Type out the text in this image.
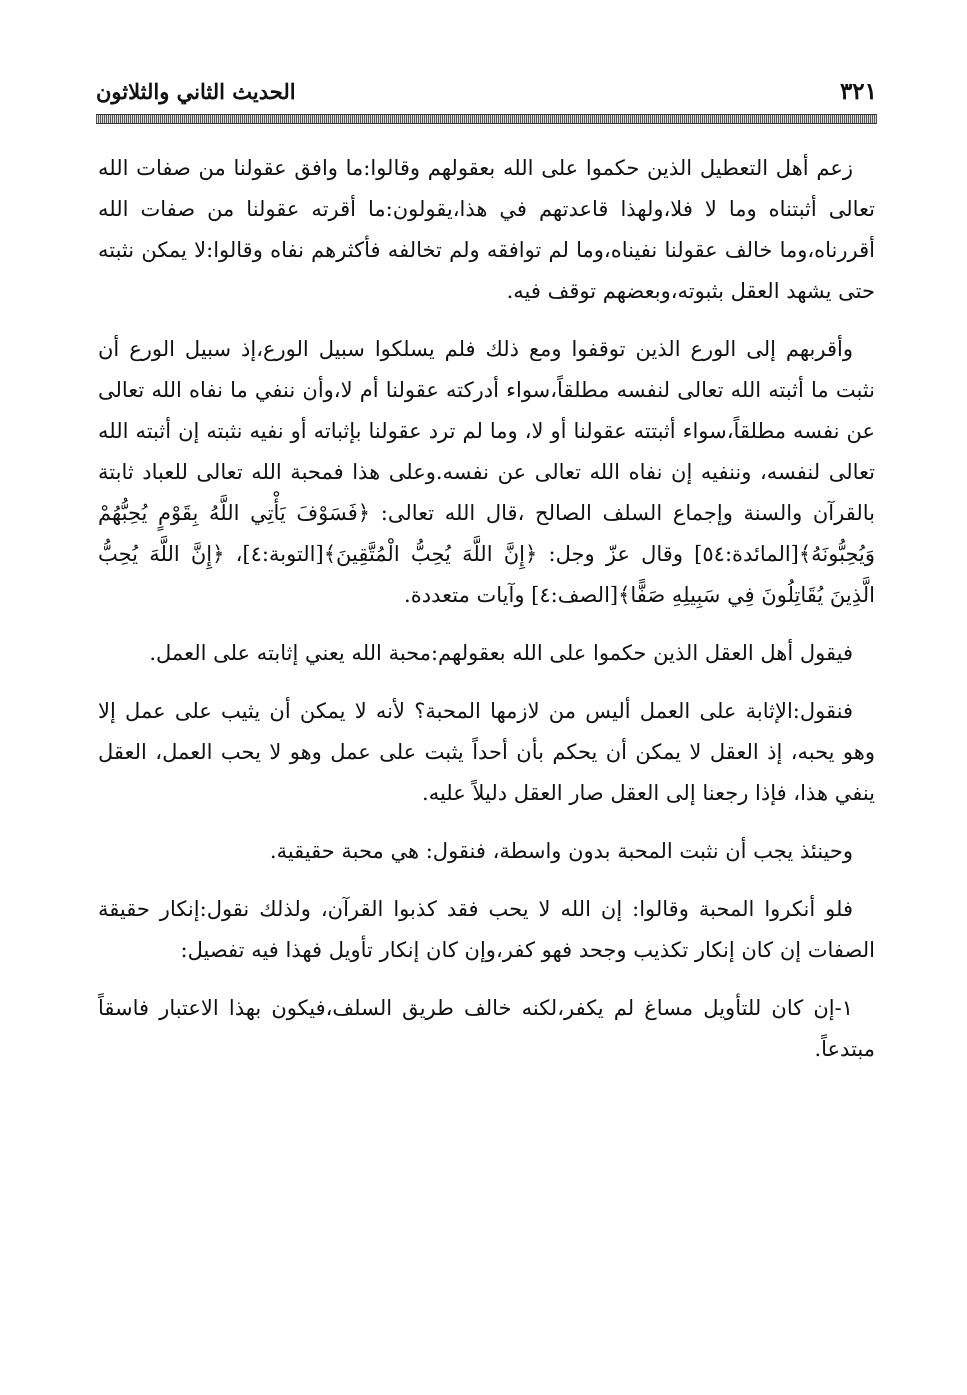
٣٢١
الحديث الثاني والثلاثون

زعم أهل التعطيل الذين حكموا على الله بعقولهم وقالوا:ما وافق عقولنا من صفات الله تعالى أثبتناه وما لا فلا،ولهذا قاعدتهم في هذا،يقولون:ما أقرته عقولنا من صفات الله أقررناه،وما خالف عقولنا نفيناه،وما لم توافقه ولم تخالفه فأكثرهم نفاه وقالوا:لا يمكن نثبته حتى يشهد العقل بثبوته،وبعضهم توقف فيه.

وأقربهم إلى الورع الذين توقفوا ومع ذلك فلم يسلكوا سبيل الورع،إذ سبيل الورع أن نثبت ما أثبته الله تعالى لنفسه مطلقاً،سواء أدركته عقولنا أم لا،وأن ننفي ما نفاه الله تعالى عن نفسه مطلقاً،سواء أثبتته عقولنا أو لا، وما لم ترد عقولنا بإثباته أو نفيه نثبته إن أثبته الله تعالى لنفسه، وننفيه إن نفاه الله تعالى عن نفسه.وعلى هذا فمحبة الله تعالى للعباد ثابتة بالقرآن والسنة وإجماع السلف الصالح ،قال الله تعالى: ﴿فَسَوْفَ يَأْتِي اللَّهُ بِقَوْمٍ يُحِبُّهُمْ وَيُحِبُّونَهُ﴾[المائدة:٥٤] وقال عزّ وجل: ﴿إِنَّ اللَّهَ يُحِبُّ الْمُتَّقِينَ﴾[التوبة:٤]، ﴿إِنَّ اللَّهَ يُحِبُّ الَّذِينَ يُقَاتِلُونَ فِي سَبِيلِهِ صَفًّا﴾[الصف:٤] وآيات متعددة.

فيقول أهل العقل الذين حكموا على الله بعقولهم:محبة الله يعني إثابته على العمل.

فنقول:الإثابة على العمل أليس من لازمها المحبة؟ لأنه لا يمكن أن يثيب على عمل إلا وهو يحبه، إذ العقل لا يمكن أن يحكم بأن أحداً يثبت على عمل وهو لا يحب العمل، العقل ينفي هذا، فإذا رجعنا إلى العقل صار العقل دليلاً عليه.

وحينئذ يجب أن نثبت المحبة بدون واسطة، فنقول: هي محبة حقيقية.

فلو أنكروا المحبة وقالوا: إن الله لا يحب فقد كذبوا القرآن، ولذلك نقول:إنكار حقيقة الصفات إن كان إنكار تكذيب وجحد فهو كفر،وإن كان إنكار تأويل فهذا فيه تفصيل:

١-إن كان للتأويل مساغ لم يكفر،لكنه خالف طريق السلف،فيكون بهذا الاعتبار فاسقاً مبتدعاً.
